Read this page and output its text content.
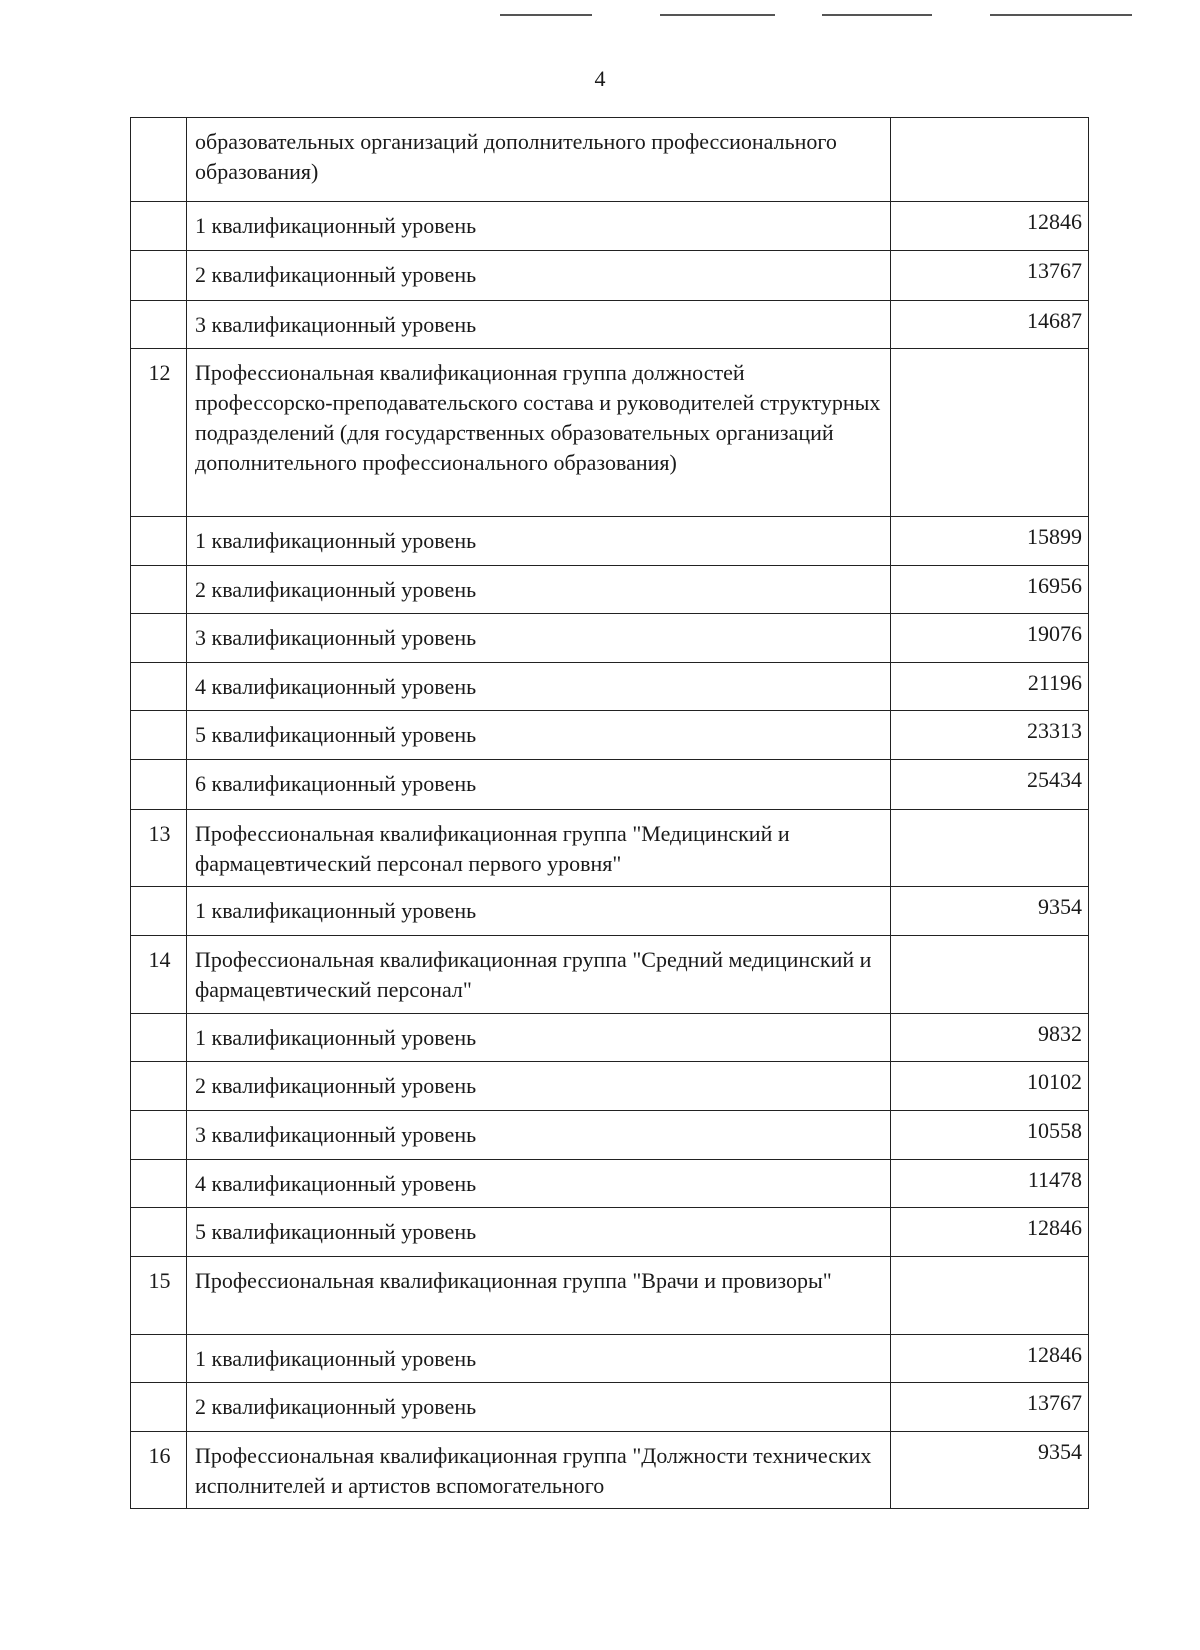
4
	образовательных организаций дополнительного профессионального образования)	
	1 квалификационный уровень	12846
	2 квалификационный уровень	13767
	3 квалификационный уровень	14687
12	Профессиональная квалификационная группа должностей профессорско-преподавательского состава и руководителей структурных подразделений (для государственных образовательных организаций дополнительного профессионального образования)	
	1 квалификационный уровень	15899
	2 квалификационный уровень	16956
	3 квалификационный уровень	19076
	4 квалификационный уровень	21196
	5 квалификационный уровень	23313
	6 квалификационный уровень	25434
13	Профессиональная квалификационная группа "Медицинский и фармацевтический персонал первого уровня"	
	1 квалификационный уровень	9354
14	Профессиональная квалификационная группа "Средний медицинский и фармацевтический персонал"	
	1 квалификационный уровень	9832
	2 квалификационный уровень	10102
	3 квалификационный уровень	10558
	4 квалификационный уровень	11478
	5 квалификационный уровень	12846
15	Профессиональная квалификационная группа "Врачи и провизоры"	
	1 квалификационный уровень	12846
	2 квалификационный уровень	13767
16	Профессиональная квалификационная группа "Должности технических исполнителей и артистов вспомогательного	9354
